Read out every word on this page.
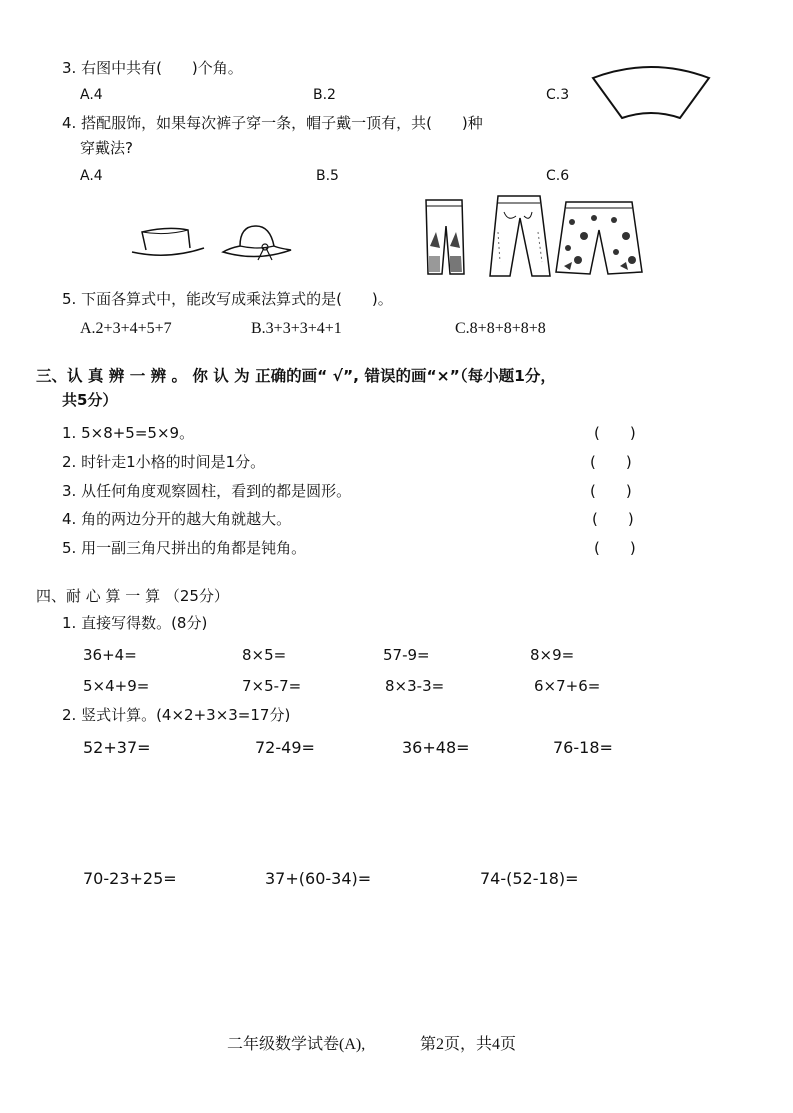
3. 右图中共有(　　)个角。
A.4	B.2	C.3
4. 搭配服饰，如果每次裤子穿一条，帽子戴一顶有，共(　　)种
穿戴法?
A.4	B.5	C.6
5. 下面各算式中，能改写成乘法算式的是(　　)。
A.2+3+4+5+7	B.3+3+3+4+1	C.8+8+8+8+8
三、认 真 辨 一 辨 。 你 认 为 正确的画“ √”, 错误的画“×”（每小题1分，
共5分）
1. 5×8+5=5×9。	(　　)
2. 时针走1小格的时间是1分。	(　　)
3. 从任何角度观察圆柱，看到的都是圆形。	(　　)
4. 角的两边分开的越大角就越大。	(　　)
5. 用一副三角尺拼出的角都是钝角。	(　　)
四、耐 心 算 一 算 （25分）
1. 直接写得数。(8分)
36+4=	8×5=	57-9=	8×9=
5×4+9=	7×5-7=	8×3-3=	6×7+6=
2. 竖式计算。(4×2+3×3=17分)
52+37=	72-49=	36+48=	76-18=
70-23+25=	37+(60-34)=	74-(52-18)=
二年级数学试卷(A),	第2页，共4页
